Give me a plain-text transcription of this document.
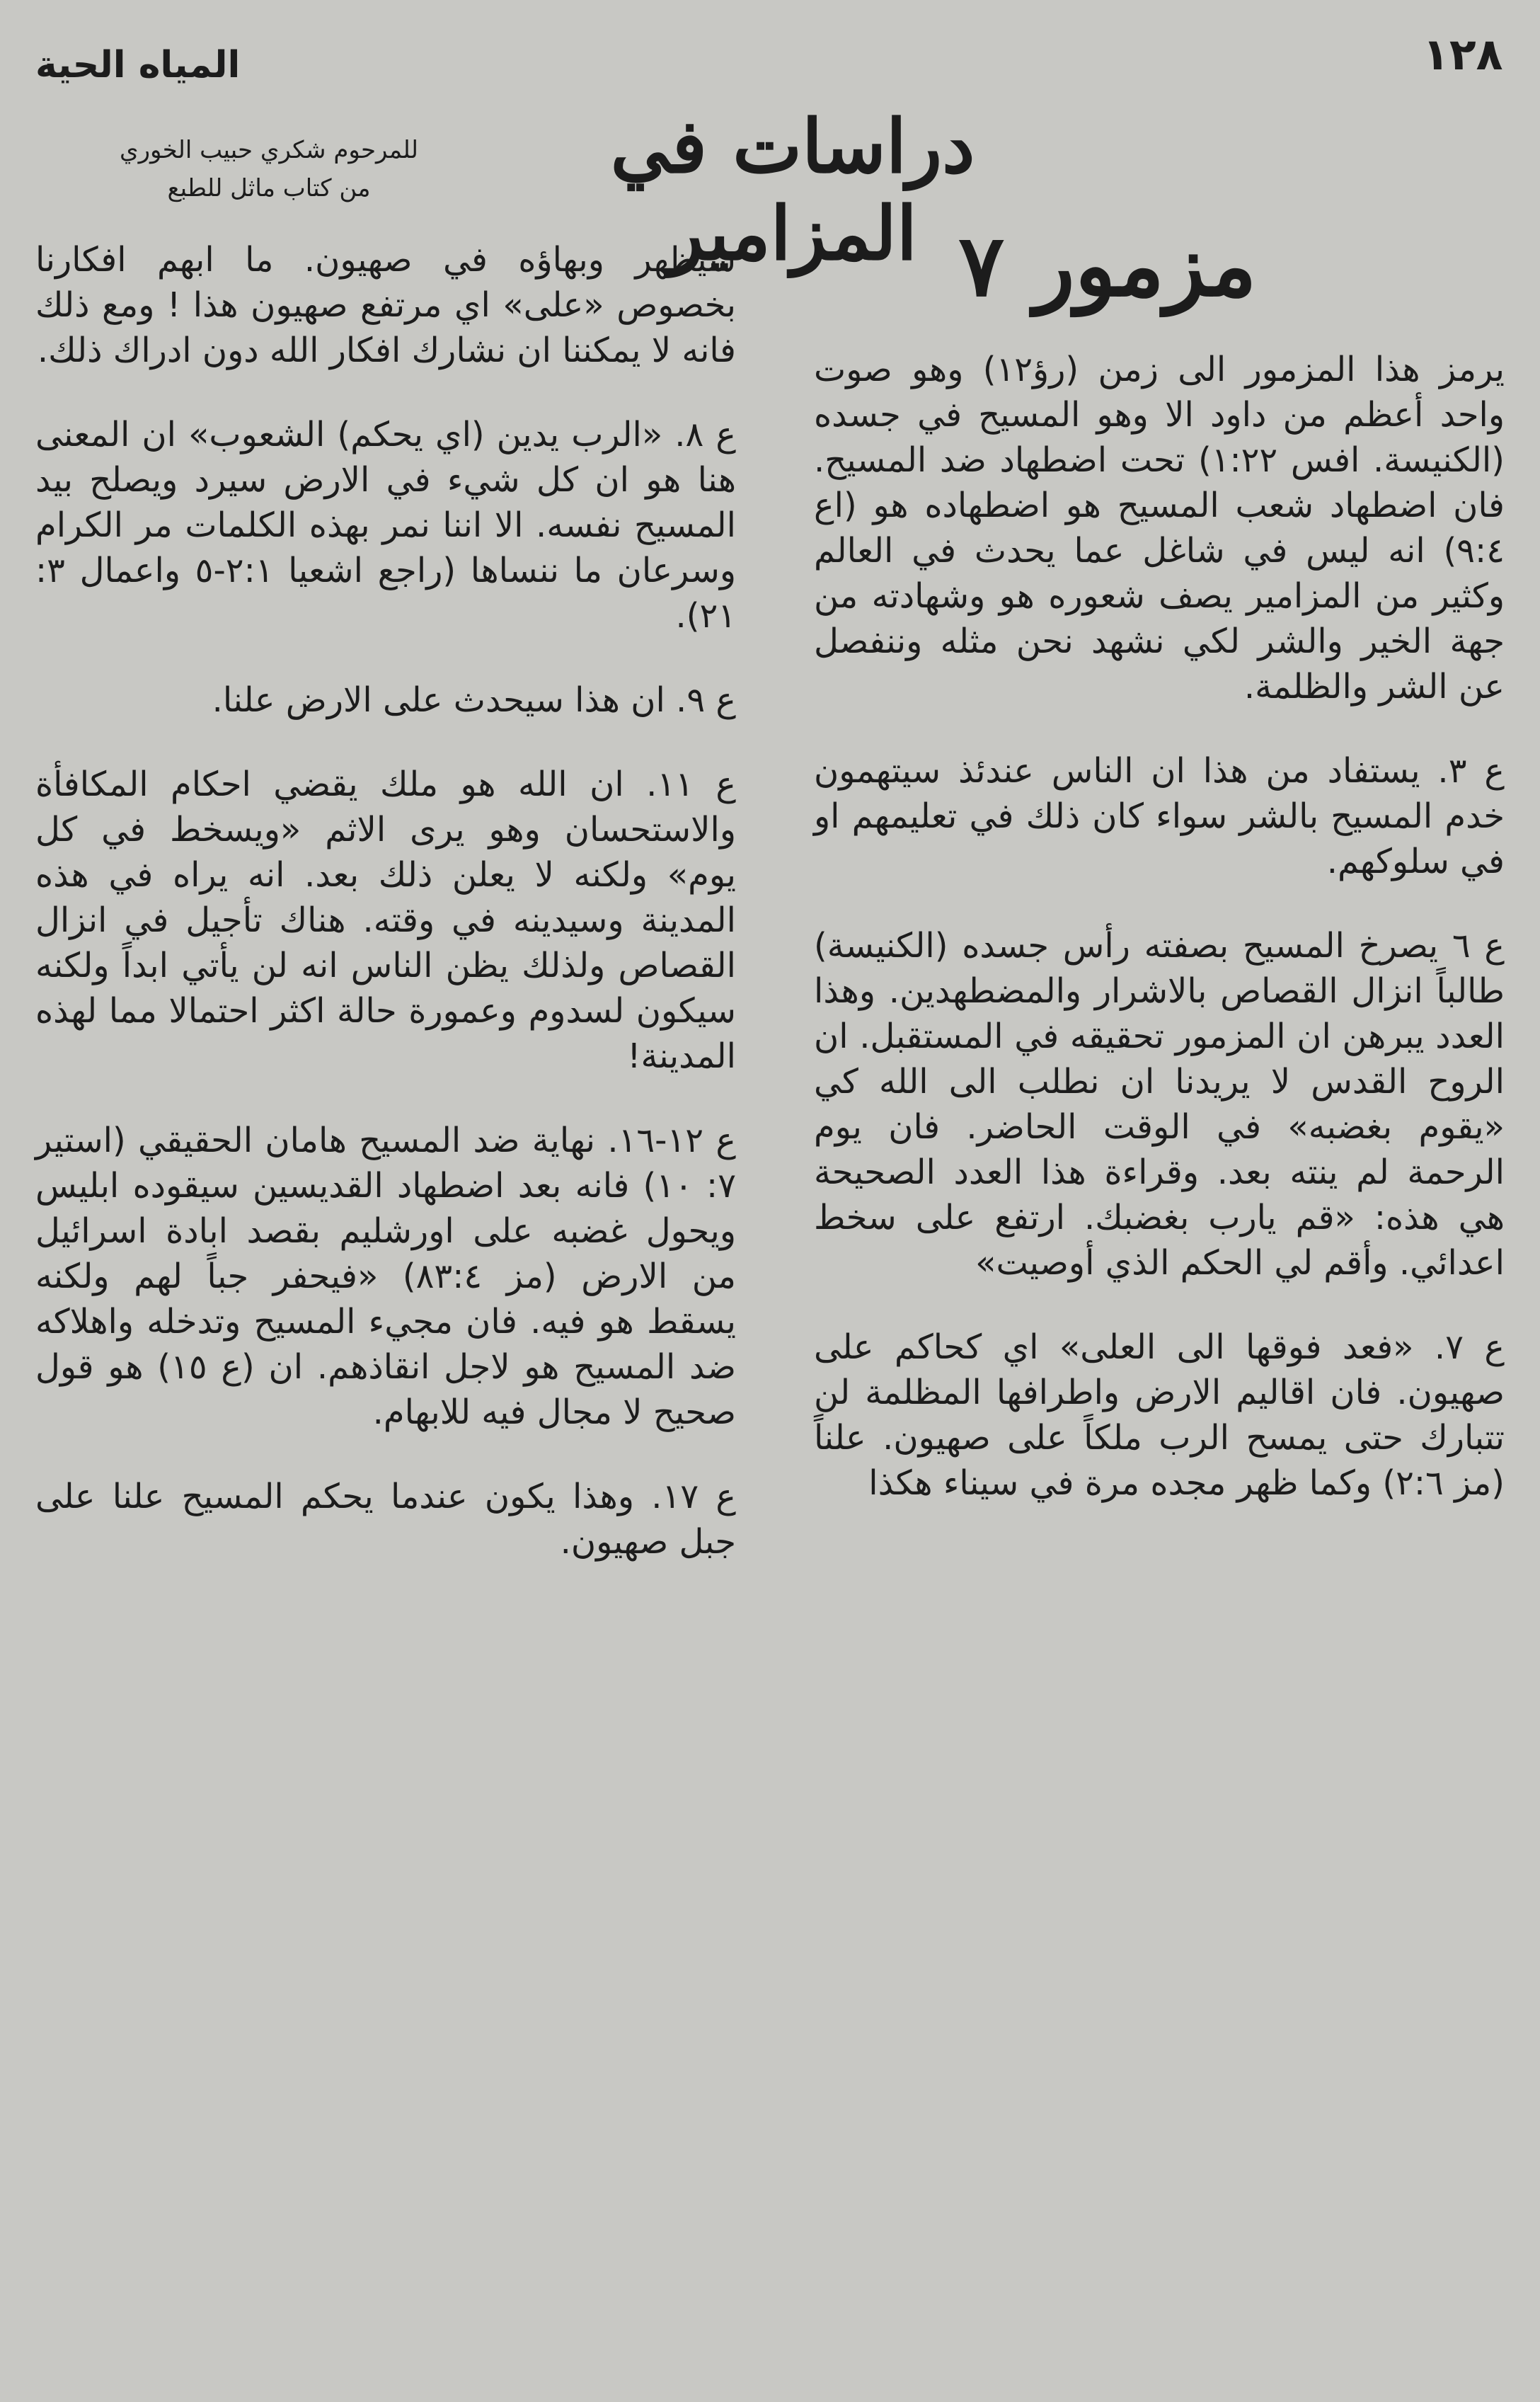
١٢٨
المياه الحية
دراسات في المزامير
للمرحوم شكري حبيب الخوري
من كتاب ماثل للطبع
مزمور ٧

يرمز هذا المزمور الى زمن (رؤ١٢) وهو صوت واحد أعظم من داود الا وهو المسيح في جسده (الكنيسة. افس ١:٢٢) تحت اضطهاد ضد المسيح. فان اضطهاد شعب المسيح هو اضطهاده هو (اع ٩:٤) انه ليس في شاغل عما يحدث في العالم وكثير من المزامير يصف شعوره هو وشهادته من جهة الخير والشر لكي نشهد نحن مثله وننفصل عن الشر والظلمة.

ع ٣. يستفاد من هذا ان الناس عندئذ سيتهمون خدم المسيح بالشر سواء كان ذلك في تعليمهم او في سلوكهم.

ع ٦ يصرخ المسيح بصفته رأس جسده (الكنيسة) طالباً انزال القصاص بالاشرار والمضطهدين. وهذا العدد يبرهن ان المزمور تحقيقه في المستقبل. ان الروح القدس لا يريدنا ان نطلب الى الله كي «يقوم بغضبه» في الوقت الحاضر. فان يوم الرحمة لم ينته بعد. وقراءة هذا العدد الصحيحة هي هذه: «قم يارب بغضبك. ارتفع على سخط اعدائي. وأقم لي الحكم الذي أوصيت»

ع ٧. «فعد فوقها الى العلى» اي كحاكم على صهيون. فان اقاليم الارض واطرافها المظلمة لن تتبارك حتى يمسح الرب ملكاً على صهيون. علناً (مز ٢:٦) وكما ظهر مجده مرة في سيناء هكذا

سيظهر وبهاؤه في صهيون. ما ابهم افكارنا بخصوص «على» اي مرتفع صهيون هذا ! ومع ذلك فانه لا يمكننا ان نشارك افكار الله دون ادراك ذلك.

ع ٨. «الرب يدين (اي يحكم) الشعوب» ان المعنى هنا هو ان كل شيء في الارض سيرد ويصلح بيد المسيح نفسه. الا اننا نمر بهذه الكلمات مر الكرام وسرعان ما ننساها (راجع اشعيا ٢:١-٥ واعمال ٣: ٢١).

ع ٩. ان هذا سيحدث على الارض علنا.

ع ١١. ان الله هو ملك يقضي احكام المكافأة والاستحسان وهو يرى الاثم «ويسخط في كل يوم» ولكنه لا يعلن ذلك بعد. انه يراه في هذه المدينة وسيدينه في وقته. هناك تأجيل في انزال القصاص ولذلك يظن الناس انه لن يأتي ابداً ولكنه سيكون لسدوم وعمورة حالة اكثر احتمالا مما لهذه المدينة!

ع ١٢-١٦. نهاية ضد المسيح هامان الحقيقي (استير ٧: ١٠) فانه بعد اضطهاد القديسين سيقوده ابليس ويحول غضبه على اورشليم بقصد ابادة اسرائيل من الارض (مز ٨٣:٤) «فيحفر جباً لهم ولكنه يسقط هو فيه. فان مجيء المسيح وتدخله واهلاكه ضد المسيح هو لاجل انقاذهم. ان (ع ١٥) هو قول صحيح لا مجال فيه للابهام.

ع ١٧. وهذا يكون عندما يحكم المسيح علنا على جبل صهيون.
